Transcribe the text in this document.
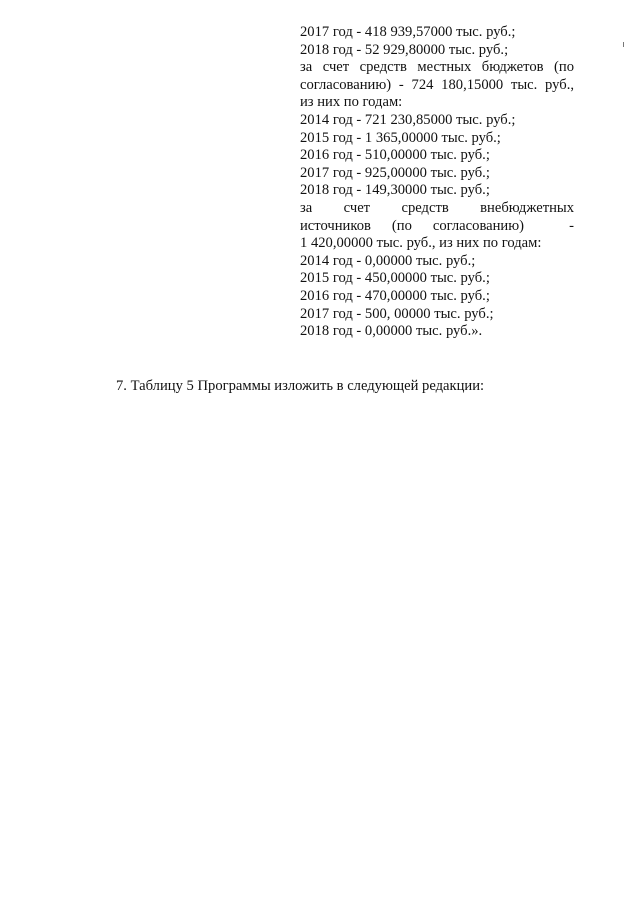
2017 год - 418 939,57000 тыс. руб.;
2018 год - 52 929,80000 тыс. руб.;
за счет средств местных бюджетов (по
согласованию) - 724 180,15000 тыс. руб.,
из них по годам:
2014 год - 721 230,85000 тыс. руб.;
2015 год - 1 365,00000 тыс. руб.;
2016 год - 510,00000 тыс. руб.;
2017 год - 925,00000 тыс. руб.;
2018 год - 149,30000 тыс. руб.;
за счет средств внебюджетных
источников (по согласованию)	-
1 420,00000 тыс. руб., из них по годам:
2014 год - 0,00000 тыс. руб.;
2015 год - 450,00000 тыс. руб.;
2016 год - 470,00000 тыс. руб.;
2017 год - 500, 00000 тыс. руб.;
2018 год - 0,00000 тыс. руб.».
7. Таблицу 5 Программы изложить в следующей редакции:
